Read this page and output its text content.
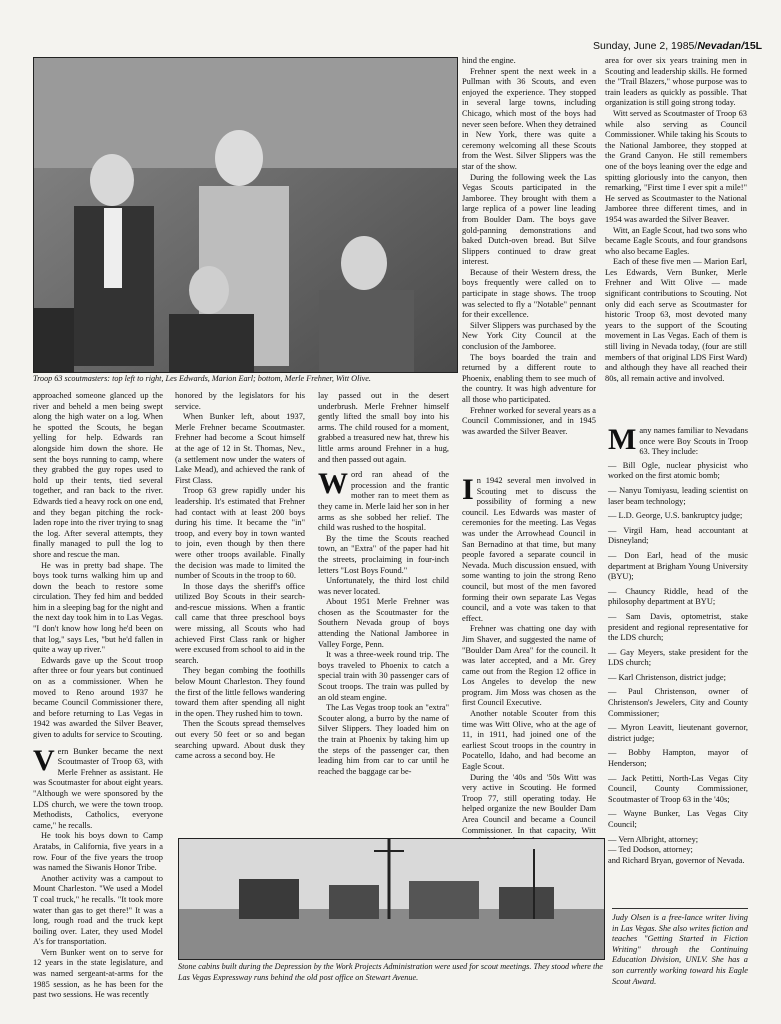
Sunday, June 2, 1985/Nevadan/15L
Troop 63 scoutmasters: top left to right, Les Edwards, Marion Earl; bottom, Merle Frehner, Witt Olive.

approached someone glanced up the river and beheld a men being swept along the high water on a log. When he spotted the Scouts, he began yelling for help. Edwards ran alongside him down the shore. He sent the boys running to camp, where they grabbed the guy ropes used to hold up their tents, tied several together, and ran back to the river. Edwards tied a heavy rock on one end, and they began pitching the rock-laden rope into the river trying to snag the log. After several attempts, they finally managed to pull the log to shore and rescue the man.

He was in pretty bad shape. The boys took turns walking him up and down the beach to restore some circulation. They fed him and bedded him in a sleeping bag for the night and the next day took him in to Las Vegas. "I don't know how long he'd been on that log," says Les, "but he'd fallen in quite a way up river."

Edwards gave up the Scout troop after three or four years but continued on as a commissioner. When he moved to Reno around 1937 he became Council Commissioner there, and before returning to Las Vegas in 1942 was awarded the Silver Beaver, given to adults for service to Scouting.

Vern Bunker became the next Scoutmaster of Troop 63, with Merle Frehner as assistant. He was Scoutmaster for about eight years. "Although we were sponsored by the LDS church, we were the town troop. Methodists, Catholics, everyone came," he recalls.

He took his boys down to Camp Aratabs, in California, five years in a row. Four of the five years the troop was named the Siwanis Honor Tribe.

Another activity was a campout to Mount Charleston. "We used a Model T coal truck," he recalls. "It took more water than gas to get there!" It was a long, rough road and the truck kept boiling over. Later, they used Model A's for transportation.

Vern Bunker went on to serve for 12 years in the state legislature, and was named sergeant-at-arms for the 1985 session, as he has been for the past two sessions. He was recently

honored by the legislators for his service.

When Bunker left, about 1937, Merle Frehner became Scoutmaster. Frehner had become a Scout himself at the age of 12 in St. Thomas, Nev., (a settlement now under the waters of Lake Mead), and achieved the rank of First Class.

Troop 63 grew rapidly under his leadership. It's estimated that Frehner had contact with at least 200 boys during his time. It became the "in" troop, and every boy in town wanted to join, even though by then there were other troops available. Finally the decision was made to limited the number of Scouts in the troop to 60.

In those days the sheriff's office utilized Boy Scouts in their search-and-rescue missions. When a frantic call came that three preschool boys were missing, all Scouts who had achieved First Class rank or higher were excused from school to aid in the search.

They began combing the foothills below Mount Charleston. They found the first of the little fellows wandering toward them after spending all night in the open. They rushed him to town.

Then the Scouts spread themselves out every 50 feet or so and began searching upward. About dusk they came across a second boy. He

lay passed out in the desert underbrush. Merle Frehner himself gently lifted the small boy into his arms. The child roused for a moment, grabbed a treasured new hat, threw his little arms around Frehner in a hug, and then passed out again.

Word ran ahead of the procession and the frantic mother ran to meet them as they came in. Merle laid her son in her arms as she sobbed her relief. The child was rushed to the hospital.

By the time the Scouts reached town, an "Extra" of the paper had hit the streets, proclaiming in four-inch letters "Lost Boys Found."

Unfortunately, the third lost child was never located.

About 1951 Merle Frehner was chosen as the Scoutmaster for the Southern Nevada group of boys attending the National Jamboree in Valley Forge, Penn.

It was a three-week round trip. The boys traveled to Phoenix to catch a special train with 30 passenger cars of Scout troops. The train was pulled by an old steam engine.

The Las Vegas troop took an "extra" Scouter along, a burro by the name of Silver Slippers. They loaded him on the train at Phoenix by taking him up the steps of the passenger car, then leading him from car to car until he reached the baggage car be-

hind the engine.

Frehner spent the next week in a Pullman with 36 Scouts, and even enjoyed the experience. They stopped in several large towns, including Chicago, which most of the boys had never seen before. When they detrained in New York, there was quite a ceremony welcoming all these Scouts from the West. Silver Slippers was the star of the show.

During the following week the Las Vegas Scouts participated in the Jamboree. They brought with them a large replica of a power line leading from Boulder Dam. The boys gave gold-panning demonstrations and baked Dutch-oven bread. But Silve Slippers continued to draw great interest.

Because of their Western dress, the boys frequently were called on to participate in stage shows. The troop was selected to fly a "Notable" pennant for their excellence.

Silver Slippers was purchased by the New York City Council at the conclusion of the Jamboree.

The boys boarded the train and returned by a different route to Phoenix, enabling them to see much of the country. It was high adventure for all those who participated.

Frehner worked for several years as a Council Commissioner, and in 1945 was awarded the Silver Beaver.

In 1942 several men involved in Scouting met to discuss the possibility of forming a new council. Les Edwards was master of ceremonies for the meeting. Las Vegas was under the Arrowhead Council in San Bernadino at that time, but many people favored a separate council in Nevada. Much discussion ensued, with some wanting to join the strong Reno council, but most of the men favored forming their own separate Las Vegas council, and a vote was taken to that effect.

Frehner was chatting one day with Jim Shaver, and suggested the name of "Boulder Dam Area" for the council. It was later accepted, and a Mr. Grey came out from the Region 12 office in Los Angeles to develop the new program. Jim Moss was chosen as the first Council Executive.

Another notable Scouter from this time was Witt Olive, who at the age of 11, in 1911, had joined one of the earliest Scout troops in the country in Pocatello, Idaho, and had become an Eagle Scout.

During the '40s and '50s Witt was very active in Scouting. He formed Troop 77, still operating today. He helped organize the new Boulder Dam Area Council and became a Council Commissioner. In that capacity, Witt

area for over six years training men in Scouting and leadership skills. He formed the "Trail Blazers," whose purpose was to train leaders as quickly as possible. That organization is still going strong today.

Witt served as Scoutmaster of Troop 63 while also serving as Council Commissioner. While taking his Scouts to the National Jamboree, they stopped at the Grand Canyon. He still remembers one of the boys leaning over the edge and spitting gloriously into the canyon, then remarking, "First time I ever spit a mile!" He served as Scoutmaster to the National Jamboree three different times, and in 1954 was awarded the Silver Beaver.

Witt, an Eagle Scout, had two sons who became Eagle Scouts, and four grandsons who also became Eagles.

Each of these five men — Marion Earl, Les Edwards, Vern Bunker, Merle Frehner and Witt Olive — made significant contributions to Scouting. Not only did each serve as Scoutmaster for historic Troop 63, most devoted many years to the support of the Scouting movement in Las Vegas. Each of them is still living in Nevada today, (four are still members of that original LDS First Ward) and although they have all reached their 80s, all remain active and involved.

Many names familiar to Nevadans once were Boy Scouts in Troop 63. They include:

— Bill Ogle, nuclear physicist who worked on the first atomic bomb;

— Nanyu Tomiyasu, leading scientist on laser beam technology;

— L.D. George, U.S. bankruptcy judge;

— Virgil Ham, head accountant at Disneyland;

— Don Earl, head of the music department at Brigham Young University (BYU);

— Chauncy Riddle, head of the philosophy department at BYU;

— Sam Davis, optometrist, stake president and regional representative for the LDS church;

— Gay Meyers, stake president for the LDS church;

— Karl Christenson, district judge;

— Paul Christenson, owner of Christenson's Jewelers, City and County Commissioner;

— Myron Leavitt, lieutenant governor, district judge;

— Bobby Hampton, mayor of Henderson;

— Jack Petitti, North-Las Vegas City Council, County Commissioner, Scoutmaster of Troop 63 in the '40s;

— Wayne Bunker, Las Vegas City Council;

— Vern Albright, attorney;

— Ted Dodson, attorney;

and Richard Bryan, governor of Nevada.

Judy Olsen is a free-lance writer living in Las Vegas. She also writes fiction and teaches "Getting Started in Fiction Writing" through the Continuing Education Division, UNLV. She has a son currently working toward his Eagle Scout Award.
Stone cabins built during the Depression by the Work Projects Administration were used for scout meetings. They stood where the Las Vegas Expressway runs behind the old post office on Stewart Avenue.
